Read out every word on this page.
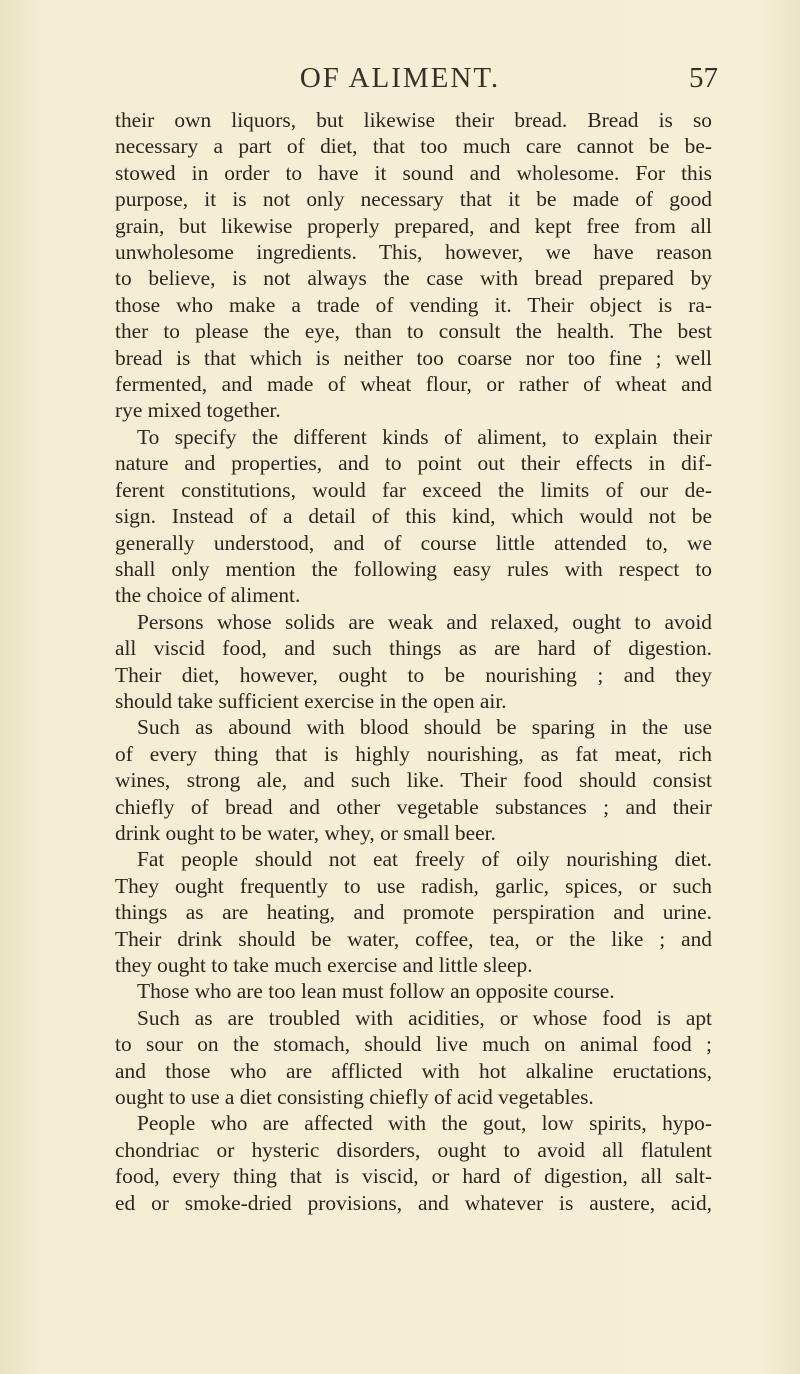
OF ALIMENT.	57

their own liquors, but likewise their bread. Bread is so
necessary a part of diet, that too much care cannot be be-
stowed in order to have it sound and wholesome. For this
purpose, it is not only necessary that it be made of good
grain, but likewise properly prepared, and kept free from all
unwholesome ingredients. This, however, we have reason
to believe, is not always the case with bread prepared by
those who make a trade of vending it. Their object is ra-
ther to please the eye, than to consult the health. The best
bread is that which is neither too coarse nor too fine ; well
fermented, and made of wheat flour, or rather of wheat and
rye mixed together.

To specify the different kinds of aliment, to explain their
nature and properties, and to point out their effects in dif-
ferent constitutions, would far exceed the limits of our de-
sign. Instead of a detail of this kind, which would not be
generally understood, and of course little attended to, we
shall only mention the following easy rules with respect to
the choice of aliment.

Persons whose solids are weak and relaxed, ought to avoid
all viscid food, and such things as are hard of digestion.
Their diet, however, ought to be nourishing ; and they
should take sufficient exercise in the open air.

Such as abound with blood should be sparing in the use
of every thing that is highly nourishing, as fat meat, rich
wines, strong ale, and such like. Their food should consist
chiefly of bread and other vegetable substances ; and their
drink ought to be water, whey, or small beer.

Fat people should not eat freely of oily nourishing diet.
They ought frequently to use radish, garlic, spices, or such
things as are heating, and promote perspiration and urine.
Their drink should be water, coffee, tea, or the like ; and
they ought to take much exercise and little sleep.

Those who are too lean must follow an opposite course.

Such as are troubled with acidities, or whose food is apt
to sour on the stomach, should live much on animal food ;
and those who are afflicted with hot alkaline eructations,
ought to use a diet consisting chiefly of acid vegetables.

People who are affected with the gout, low spirits, hypo-
chondriac or hysteric disorders, ought to avoid all flatulent
food, every thing that is viscid, or hard of digestion, all salt-
ed or smoke-dried provisions, and whatever is austere, acid,
